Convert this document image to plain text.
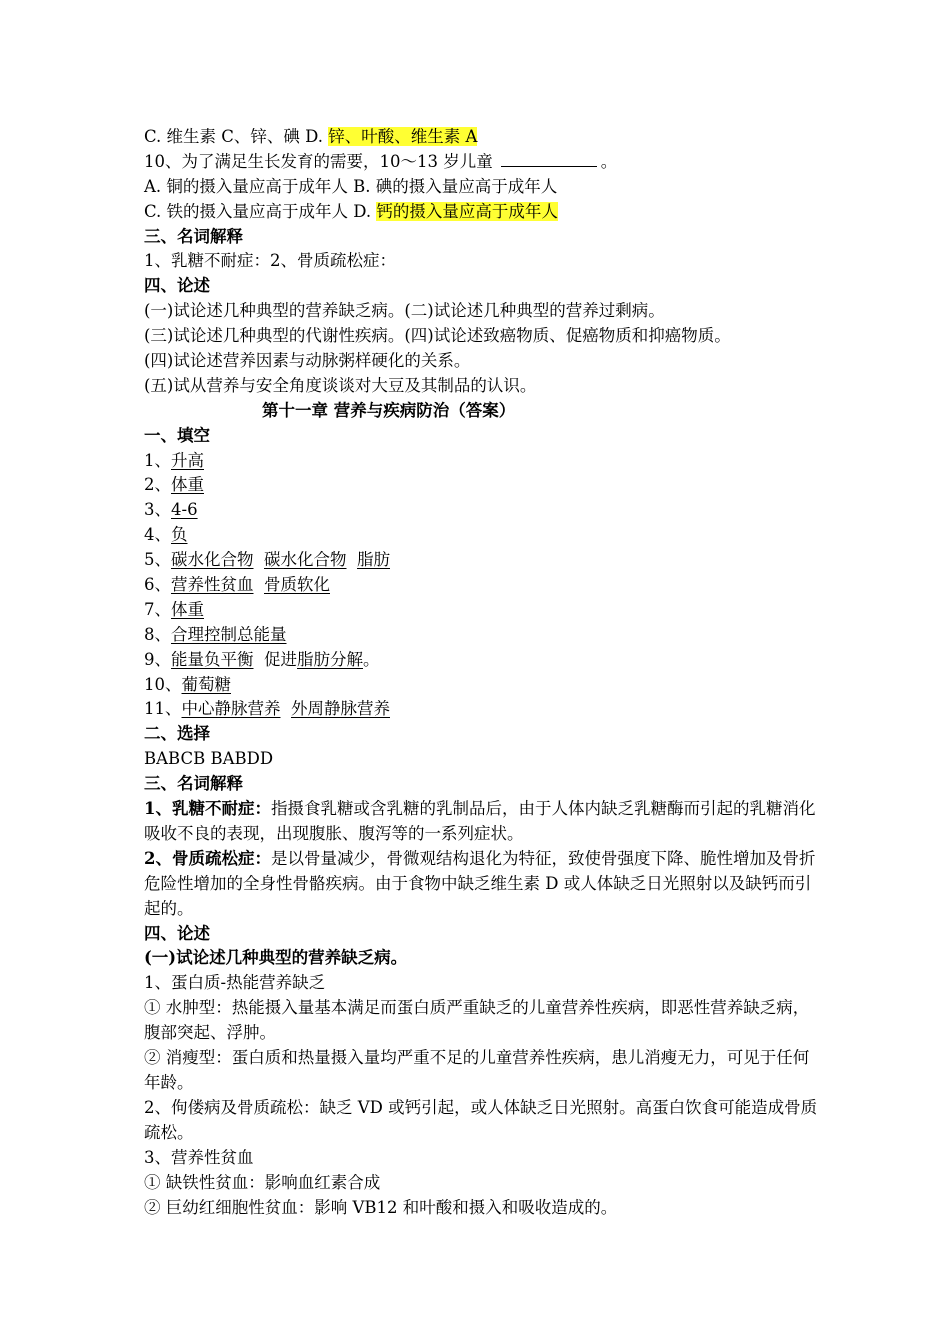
C. 维生素 C、锌、碘 D. 锌、叶酸、维生素 A
10、为了满足生长发育的需要，10～13 岁儿童	。
A. 铜的摄入量应高于成年人 B. 碘的摄入量应高于成年人
C. 铁的摄入量应高于成年人 D. 钙的摄入量应高于成年人
三、名词解释
1、乳糖不耐症：2、骨质疏松症：
四、论述
(一)试论述几种典型的营养缺乏病。(二)试论述几种典型的营养过剩病。
(三)试论述几种典型的代谢性疾病。(四)试论述致癌物质、促癌物质和抑癌物质。
(四)试论述营养因素与动脉粥样硬化的关系。
(五)试从营养与安全角度谈谈对大豆及其制品的认识。
第十一章 营养与疾病防治（答案）
一、填空
1、升高
2、体重
3、4-6
4、负
5、碳水化合物 碳水化合物 脂肪
6、营养性贫血 骨质软化
7、体重
8、合理控制总能量
9、能量负平衡 促进脂肪分解。
10、葡萄糖
11、中心静脉营养 外周静脉营养
二、选择
BABCB BABDD
三、名词解释
1、乳糖不耐症：指摄食乳糖或含乳糖的乳制品后，由于人体内缺乏乳糖酶而引起的乳糖消化吸收不良的表现，出现腹胀、腹泻等的一系列症状。
2、骨质疏松症：是以骨量减少，骨微观结构退化为特征，致使骨强度下降、脆性增加及骨折危险性增加的全身性骨骼疾病。由于食物中缺乏维生素 D 或人体缺乏日光照射以及缺钙而引起的。
四、论述
(一)试论述几种典型的营养缺乏病。
1、蛋白质-热能营养缺乏
① 水肿型：热能摄入量基本满足而蛋白质严重缺乏的儿童营养性疾病，即恶性营养缺乏病，腹部突起、浮肿。
② 消瘦型：蛋白质和热量摄入量均严重不足的儿童营养性疾病，患儿消瘦无力，可见于任何年龄。
2、佝偻病及骨质疏松：缺乏 VD 或钙引起，或人体缺乏日光照射。高蛋白饮食可能造成骨质疏松。
3、营养性贫血
① 缺铁性贫血：影响血红素合成
② 巨幼红细胞性贫血：影响 VB12 和叶酸和摄入和吸收造成的。
